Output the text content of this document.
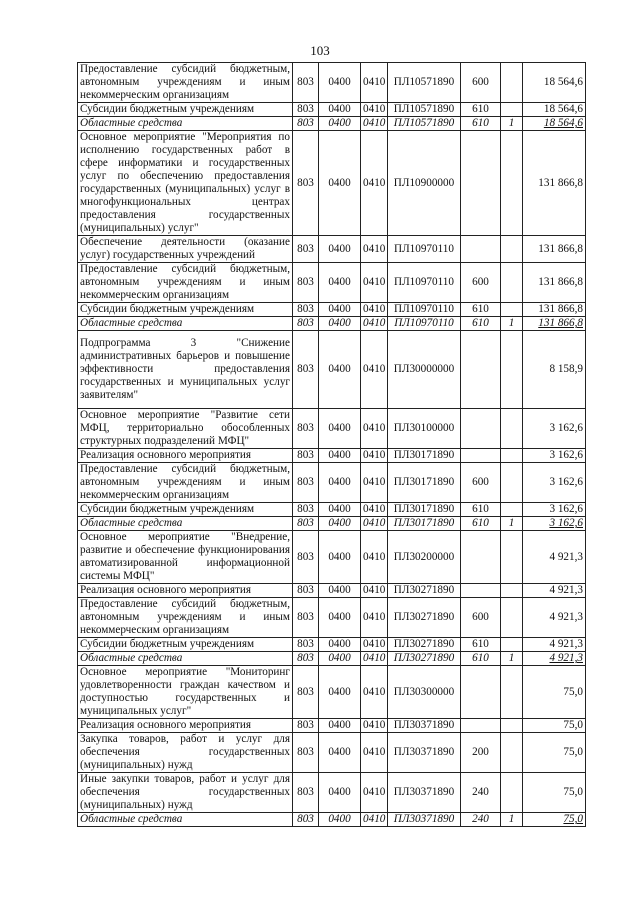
103
Предоставление субсидий бюджетным, автономным учреждениям и иным некоммерческим организациям	803	0400	0410	ПЛ10571890	600		18 564,6
Субсидии бюджетным учреждениям	803	0400	0410	ПЛ10571890	610		18 564,6
Областные средства	803	0400	0410	ПЛ10571890	610	1	18 564,6
Основное мероприятие "Мероприятия по исполнению государственных работ в сфере информатики и государственных услуг по обеспечению предоставления государственных (муниципальных) услуг в многофункциональных центрах предоставления государственных (муниципальных) услуг"	803	0400	0410	ПЛ10900000			131 866,8
Обеспечение деятельности (оказание услуг) государственных учреждений	803	0400	0410	ПЛ10970110			131 866,8
Предоставление субсидий бюджетным, автономным учреждениям и иным некоммерческим организациям	803	0400	0410	ПЛ10970110	600		131 866,8
Субсидии бюджетным учреждениям	803	0400	0410	ПЛ10970110	610		131 866,8
Областные средства	803	0400	0410	ПЛ10970110	610	1	131 866,8
Подпрограмма 3 "Снижение административных барьеров и повышение эффективности предоставления государственных и муниципальных услуг заявителям"	803	0400	0410	ПЛ30000000			8 158,9
Основное мероприятие "Развитие сети МФЦ, территориально обособленных структурных подразделений МФЦ"	803	0400	0410	ПЛ30100000			3 162,6
Реализация основного мероприятия	803	0400	0410	ПЛ30171890			3 162,6
Предоставление субсидий бюджетным, автономным учреждениям и иным некоммерческим организациям	803	0400	0410	ПЛ30171890	600		3 162,6
Субсидии бюджетным учреждениям	803	0400	0410	ПЛ30171890	610		3 162,6
Областные средства	803	0400	0410	ПЛ30171890	610	1	3 162,6
Основное мероприятие "Внедрение, развитие и обеспечение функционирования автоматизированной информационной системы МФЦ"	803	0400	0410	ПЛ30200000			4 921,3
Реализация основного мероприятия	803	0400	0410	ПЛ30271890			4 921,3
Предоставление субсидий бюджетным, автономным учреждениям и иным некоммерческим организациям	803	0400	0410	ПЛ30271890	600		4 921,3
Субсидии бюджетным учреждениям	803	0400	0410	ПЛ30271890	610		4 921,3
Областные средства	803	0400	0410	ПЛ30271890	610	1	4 921,3
Основное мероприятие "Мониторинг удовлетворенности граждан качеством и доступностью государственных и муниципальных услуг"	803	0400	0410	ПЛ30300000			75,0
Реализация основного мероприятия	803	0400	0410	ПЛ30371890			75,0
Закупка товаров, работ и услуг для обеспечения государственных (муниципальных) нужд	803	0400	0410	ПЛ30371890	200		75,0
Иные закупки товаров, работ и услуг для обеспечения государственных (муниципальных) нужд	803	0400	0410	ПЛ30371890	240		75,0
Областные средства	803	0400	0410	ПЛ30371890	240	1	75,0
